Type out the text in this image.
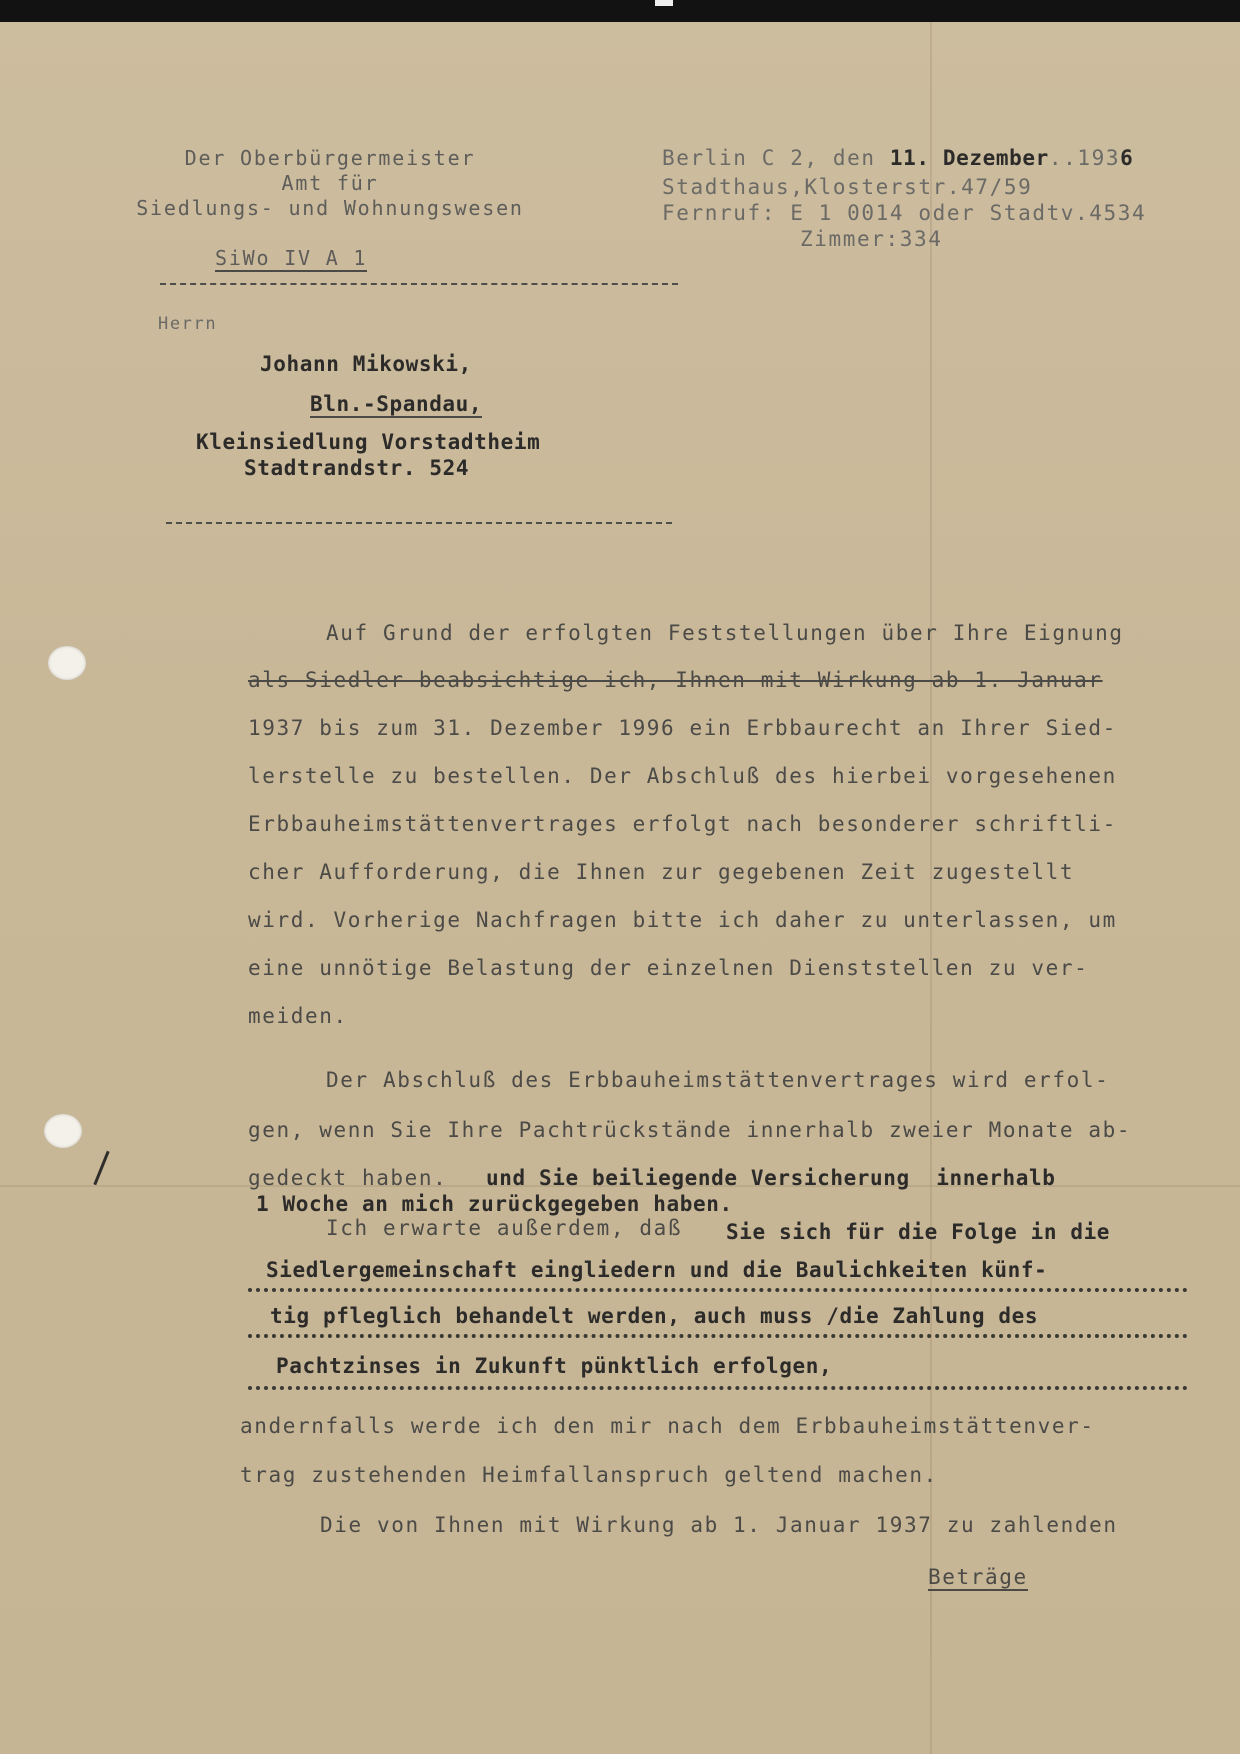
Der Oberbürgermeister
Amt für
Siedlungs- und Wohnungswesen
SiWo IV A 1
Berlin C 2, den 11. Dezember..1936
Stadthaus,Klosterstr.47/59
Fernruf: E 1 0014 oder Stadtv.4534
Zimmer:334
Herrn
Johann Mikowski,
Bln.-Spandau,
Kleinsiedlung Vorstadtheim
Stadtrandstr. 524
Auf Grund der erfolgten Feststellungen über Ihre Eignung
als Siedler beabsichtige ich, Ihnen mit Wirkung ab 1. Januar
1937 bis zum 31. Dezember 1996 ein Erbbaurecht an Ihrer Sied-
lerstelle zu bestellen. Der Abschluß des hierbei vorgesehenen
Erbbauheimstättenvertrages erfolgt nach besonderer schriftli-
cher Aufforderung, die Ihnen zur gegebenen Zeit zugestellt
wird. Vorherige Nachfragen bitte ich daher zu unterlassen, um
eine unnötige Belastung der einzelnen Dienststellen zu ver-
meiden.
Der Abschluß des Erbbauheimstättenvertrages wird erfol-
gen, wenn Sie Ihre Pachtrückstände innerhalb zweier Monate ab-
gedeckt haben. und Sie beiliegende Versicherung  innerhalb
1 Woche an mich zurückgegeben haben.
Ich erwarte außerdem, daß Sie sich für die Folge in die
Siedlergemeinschaft eingliedern und die Baulichkeiten künf-
tig pfleglich behandelt werden, auch muss /die Zahlung des
Pachtzinses in Zukunft pünktlich erfolgen,
andernfalls werde ich den mir nach dem Erbbauheimstättenver-
trag zustehenden Heimfallanspruch geltend machen.
Die von Ihnen mit Wirkung ab 1. Januar 1937 zu zahlenden
Beträge
